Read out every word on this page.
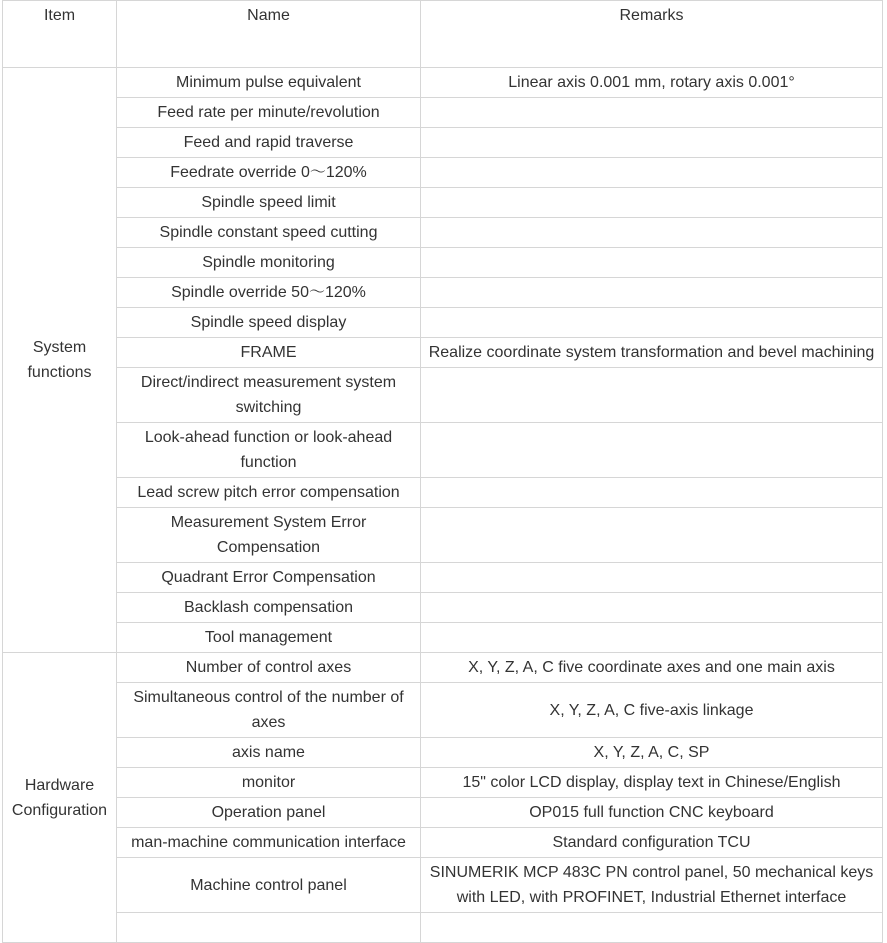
Item	Name	Remarks
System functions	Minimum pulse equivalent	Linear axis 0.001 mm, rotary axis 0.001°
	Feed rate per minute/revolution	
	Feed and rapid traverse	
	Feedrate override 0～120%	
	Spindle speed limit	
	Spindle constant speed cutting	
	Spindle monitoring	
	Spindle override 50～120%	
	Spindle speed display	
	FRAME	Realize coordinate system transformation and bevel machining
	Direct/indirect measurement system switching	
	Look-ahead function or look-ahead function	
	Lead screw pitch error compensation	
	Measurement System Error Compensation	
	Quadrant Error Compensation	
	Backlash compensation	
	Tool management	
Hardware Configuration	Number of control axes	X, Y, Z, A, C five coordinate axes and one main axis
	Simultaneous control of the number of axes	X, Y, Z, A, C five-axis linkage
	axis name	X, Y, Z, A, C, SP
	monitor	15" color LCD display, display text in Chinese/English
	Operation panel	OP015 full function CNC keyboard
	man-machine communication interface	Standard configuration TCU
	Machine control panel	SINUMERIK MCP 483C PN control panel, 50 mechanical keys with LED, with PROFINET, Industrial Ethernet interface
